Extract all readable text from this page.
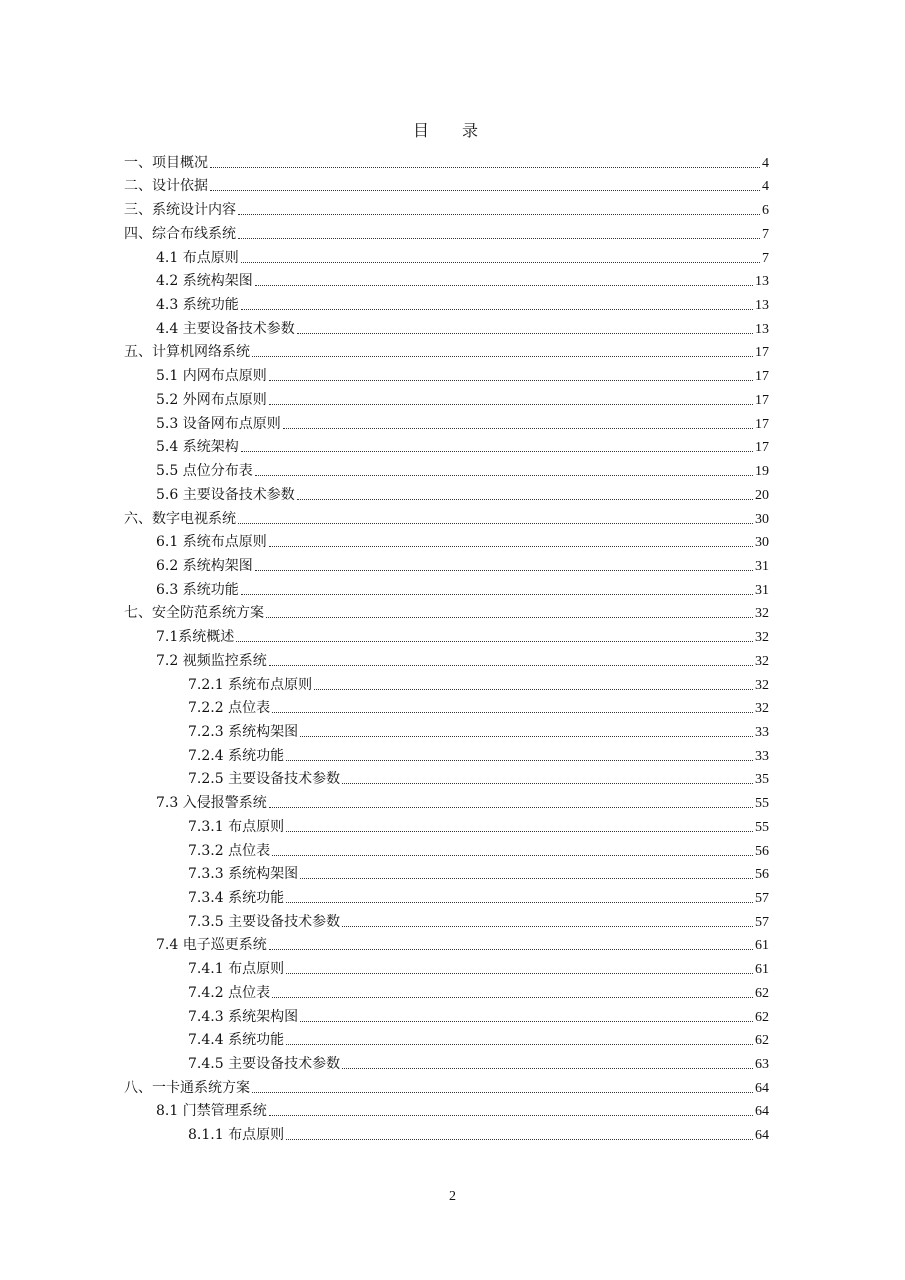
目 录
一、 项目概况	4
二、 设计依据	4
三、 系统设计内容	6
四、 综合布线系统	7
4.1 布点原则	7
4.2 系统构架图	13
4.3 系统功能	13
4.4 主要设备技术参数	13
五、 计算机网络系统	17
5.1 内网布点原则	17
5.2 外网布点原则	17
5.3 设备网布点原则	17
5.4 系统架构	17
5.5 点位分布表	19
5.6 主要设备技术参数	20
六、 数字电视系统	30
6.1 系统布点原则	30
6.2 系统构架图	31
6.3 系统功能	31
七、 安全防范系统方案	32
7.1 系统概述	32
7.2 视频监控系统	32
7.2.1 系统布点原则	32
7.2.2 点位表	32
7.2.3 系统构架图	33
7.2.4 系统功能	33
7.2.5 主要设备技术参数	35
7.3 入侵报警系统	55
7.3.1 布点原则	55
7.3.2 点位表	56
7.3.3 系统构架图	56
7.3.4 系统功能	57
7.3.5 主要设备技术参数	57
7.4 电子巡更系统	61
7.4.1 布点原则	61
7.4.2 点位表	62
7.4.3 系统架构图	62
7.4.4 系统功能	62
7.4.5 主要设备技术参数	63
八、 一卡通系统方案	64
8.1 门禁管理系统	64
8.1.1 布点原则	64
2
